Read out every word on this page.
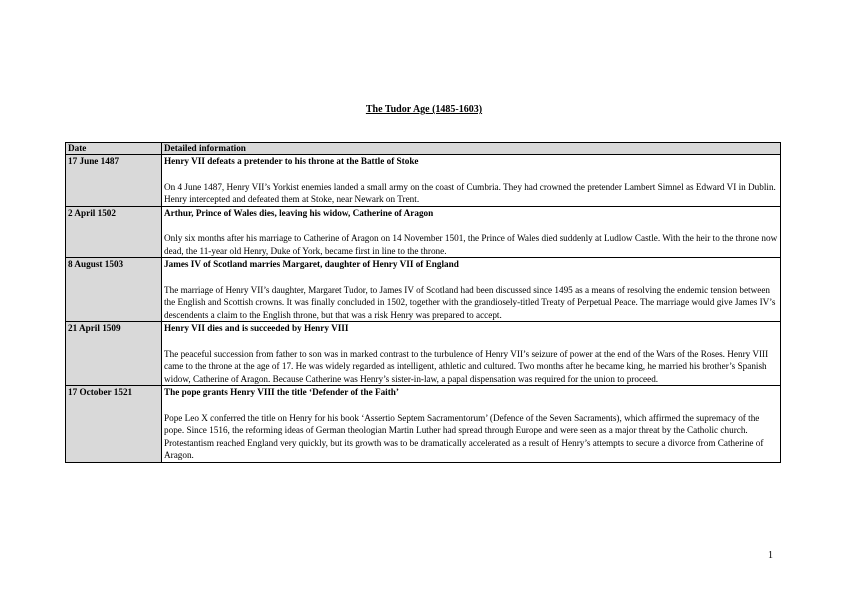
The Tudor Age (1485-1603)
Date	Detailed information
17 June 1487	Henry VII defeats a pretender to his throne at the Battle of Stoke
On 4 June 1487, Henry VII’s Yorkist enemies landed a small army on the coast of Cumbria. They had crowned the pretender Lambert Simnel as Edward VI in Dublin. Henry intercepted and defeated them at Stoke, near Newark on Trent.

2 April 1502	Arthur, Prince of Wales dies, leaving his widow, Catherine of Aragon
Only six months after his marriage to Catherine of Aragon on 14 November 1501, the Prince of Wales died suddenly at Ludlow Castle. With the heir to the throne now dead, the 11-year old Henry, Duke of York, became first in line to the throne.

8 August 1503	James IV of Scotland marries Margaret, daughter of Henry VII of England
The marriage of Henry VII’s daughter, Margaret Tudor, to James IV of Scotland had been discussed since 1495 as a means of resolving the endemic tension between the English and Scottish crowns. It was finally concluded in 1502, together with the grandiosely-titled Treaty of Perpetual Peace. The marriage would give James IV’s descendents a claim to the English throne, but that was a risk Henry was prepared to accept.

21 April 1509	Henry VII dies and is succeeded by Henry VIII
The peaceful succession from father to son was in marked contrast to the turbulence of Henry VII’s seizure of power at the end of the Wars of the Roses. Henry VIII came to the throne at the age of 17. He was widely regarded as intelligent, athletic and cultured. Two months after he became king, he married his brother’s Spanish widow, Catherine of Aragon. Because Catherine was Henry’s sister-in-law, a papal dispensation was required for the union to proceed.

17 October 1521	The pope grants Henry VIII the title ‘Defender of the Faith’
Pope Leo X conferred the title on Henry for his book ‘Assertio Septem Sacramentorum’ (Defence of the Seven Sacraments), which affirmed the supremacy of the pope. Since 1516, the reforming ideas of German theologian Martin Luther had spread through Europe and were seen as a major threat by the Catholic church. Protestantism reached England very quickly, but its growth was to be dramatically accelerated as a result of Henry’s attempts to secure a divorce from Catherine of Aragon.
1
